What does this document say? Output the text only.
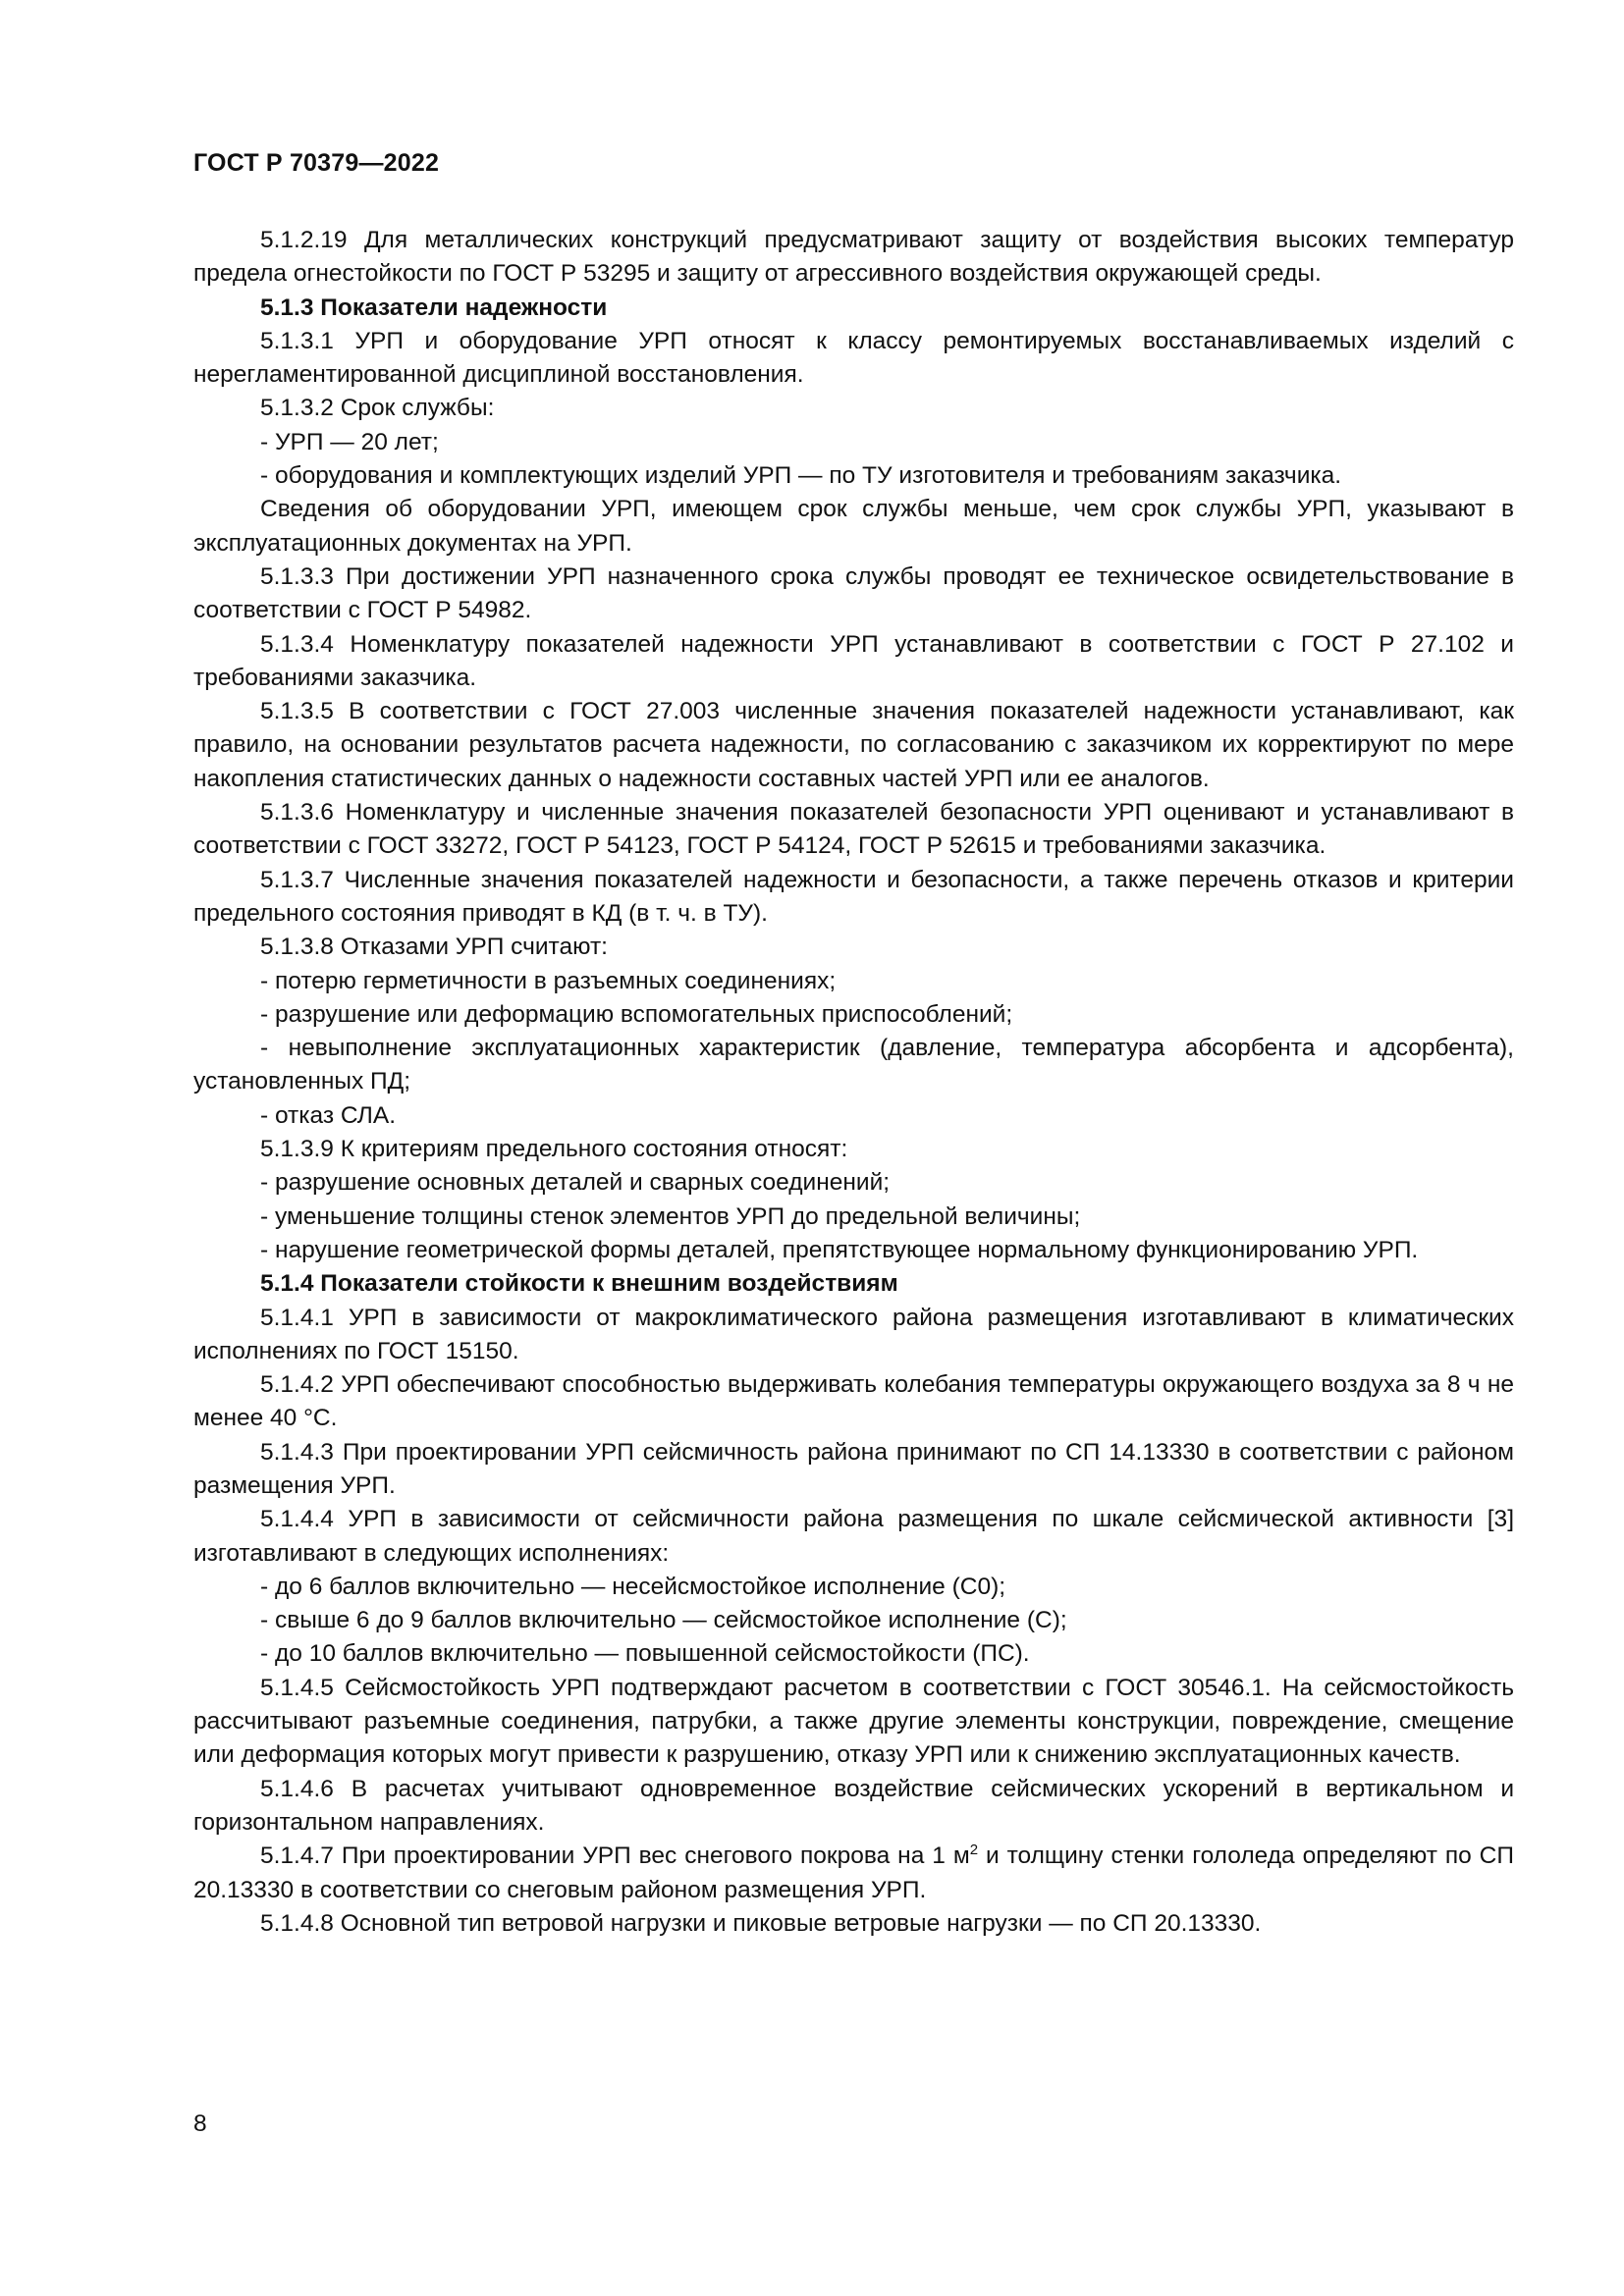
ГОСТ Р 70379—2022

5.1.2.19 Для металлических конструкций предусматривают защиту от воздействия высоких температур предела огнестойкости по ГОСТ Р 53295 и защиту от агрессивного воздействия окружающей среды.

5.1.3 Показатели надежности

5.1.3.1 УРП и оборудование УРП относят к классу ремонтируемых восстанавливаемых изделий с нерегламентированной дисциплиной восстановления.

5.1.3.2 Срок службы:

- УРП — 20 лет;

- оборудования и комплектующих изделий УРП — по ТУ изготовителя и требованиям заказчика.

Сведения об оборудовании УРП, имеющем срок службы меньше, чем срок службы УРП, указывают в эксплуатационных документах на УРП.

5.1.3.3 При достижении УРП назначенного срока службы проводят ее техническое освидетельствование в соответствии с ГОСТ Р 54982.

5.1.3.4 Номенклатуру показателей надежности УРП устанавливают в соответствии с ГОСТ Р 27.102 и требованиями заказчика.

5.1.3.5 В соответствии с ГОСТ 27.003 численные значения показателей надежности устанавливают, как правило, на основании результатов расчета надежности, по согласованию с заказчиком их корректируют по мере накопления статистических данных о надежности составных частей УРП или ее аналогов.

5.1.3.6 Номенклатуру и численные значения показателей безопасности УРП оценивают и устанавливают в соответствии с ГОСТ 33272, ГОСТ Р 54123, ГОСТ Р 54124, ГОСТ Р 52615 и требованиями заказчика.

5.1.3.7 Численные значения показателей надежности и безопасности, а также перечень отказов и критерии предельного состояния приводят в КД (в т. ч. в ТУ).

5.1.3.8 Отказами УРП считают:

- потерю герметичности в разъемных соединениях;

- разрушение или деформацию вспомогательных приспособлений;

- невыполнение эксплуатационных характеристик (давление, температура абсорбента и адсорбента), установленных ПД;

- отказ СЛА.

5.1.3.9 К критериям предельного состояния относят:

- разрушение основных деталей и сварных соединений;

- уменьшение толщины стенок элементов УРП до предельной величины;

- нарушение геометрической формы деталей, препятствующее нормальному функционированию УРП.

5.1.4 Показатели стойкости к внешним воздействиям

5.1.4.1 УРП в зависимости от макроклиматического района размещения изготавливают в климатических исполнениях по ГОСТ 15150.

5.1.4.2 УРП обеспечивают способностью выдерживать колебания температуры окружающего воздуха за 8 ч не менее 40 °С.

5.1.4.3 При проектировании УРП сейсмичность района принимают по СП 14.13330 в соответствии с районом размещения УРП.

5.1.4.4 УРП в зависимости от сейсмичности района размещения по шкале сейсмической активности [3] изготавливают в следующих исполнениях:

- до 6 баллов включительно — несейсмостойкое исполнение (С0);

- свыше 6 до 9 баллов включительно — сейсмостойкое исполнение (С);

- до 10 баллов включительно — повышенной сейсмостойкости (ПС).

5.1.4.5 Сейсмостойкость УРП подтверждают расчетом в соответствии с ГОСТ 30546.1. На сейсмостойкость рассчитывают разъемные соединения, патрубки, а также другие элементы конструкции, повреждение, смещение или деформация которых могут привести к разрушению, отказу УРП или к снижению эксплуатационных качеств.

5.1.4.6 В расчетах учитывают одновременное воздействие сейсмических ускорений в вертикальном и горизонтальном направлениях.

5.1.4.7 При проектировании УРП вес снегового покрова на 1 $м^2$ и толщину стенки гололеда определяют по СП 20.13330 в соответствии со снеговым районом размещения УРП.

5.1.4.8 Основной тип ветровой нагрузки и пиковые ветровые нагрузки — по СП 20.13330.

8
